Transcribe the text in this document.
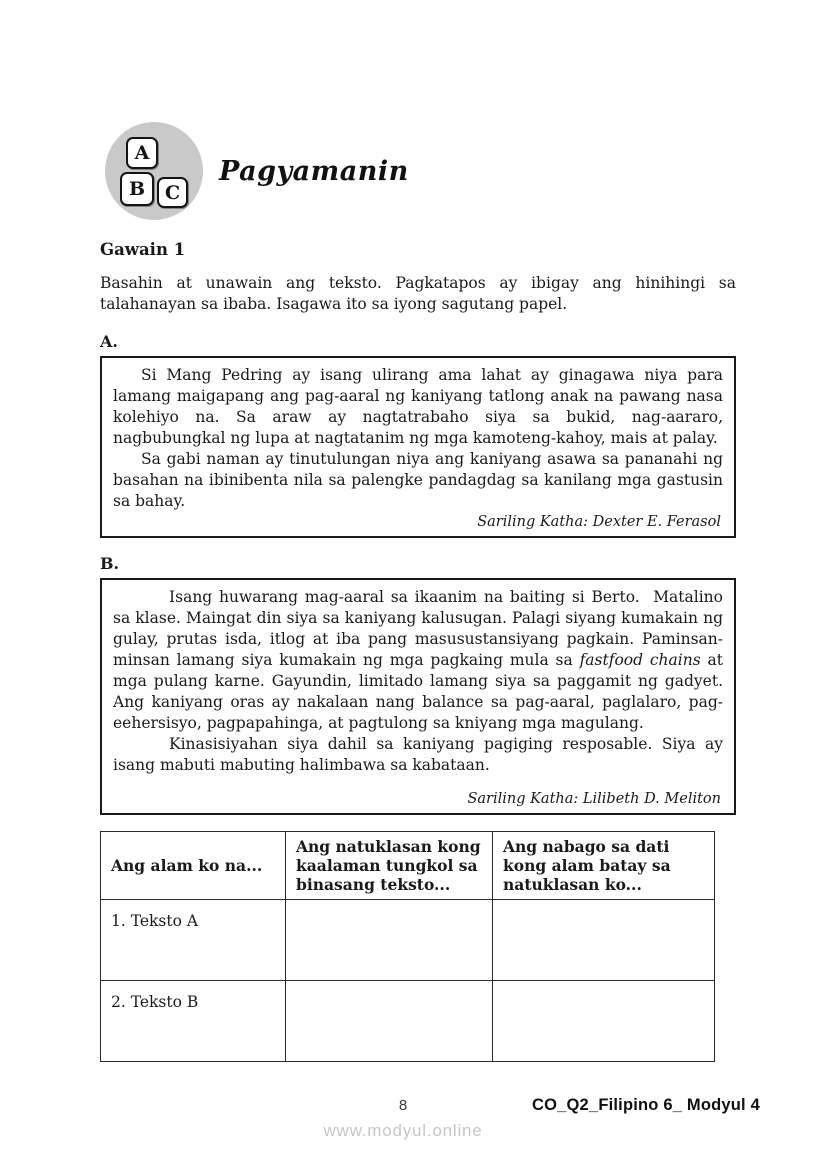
A
B C
Pagyamanin
Gawain 1

Basahin at unawain ang teksto. Pagkatapos ay ibigay ang hinihingi sa talahanayan sa ibaba. Isagawa ito sa iyong sagutang papel.

A.

Si Mang Pedring ay isang ulirang ama lahat ay ginagawa niya para lamang maigapang ang pag-aaral ng kaniyang tatlong anak na pawang nasa kolehiyo na. Sa araw ay nagtatrabaho siya sa bukid, nag-aararo, nagbubungkal ng lupa at nagtatanim ng mga kamoteng-kahoy, mais at palay.

Sa gabi naman ay tinutulungan niya ang kaniyang asawa sa pananahi ng basahan na ibinibenta nila sa palengke pandagdag sa kanilang mga gastusin sa bahay.

Sariling Katha: Dexter E. Ferasol

B.

Isang huwarang mag-aaral sa ikaanim na baiting si Berto.  Matalino sa klase. Maingat din siya sa kaniyang kalusugan. Palagi siyang kumakain ng gulay, prutas isda, itlog at iba pang masusustansiyang pagkain. Paminsan-minsan lamang siya kumakain ng mga pagkaing mula sa fastfood chains at mga pulang karne. Gayundin, limitado lamang siya sa paggamit ng gadyet. Ang kaniyang oras ay nakalaan nang balance sa pag-aaral, paglalaro, pag-eehersisyo, pagpapahinga, at pagtulong sa kniyang mga magulang.

Kinasisiyahan siya dahil sa kaniyang pagiging resposable. Siya ay isang mabuti mabuting halimbawa sa kabataan.

Sariling Katha: Lilibeth D. Meliton

Ang alam ko na...	Ang natuklasan kong kaalaman tungkol sa binasang teksto...	Ang nabago sa dati kong alam batay sa natuklasan ko...
1. Teksto A		
2. Teksto B		
8	CO_Q2_Filipino 6_ Modyul 4
www.modyul.online
